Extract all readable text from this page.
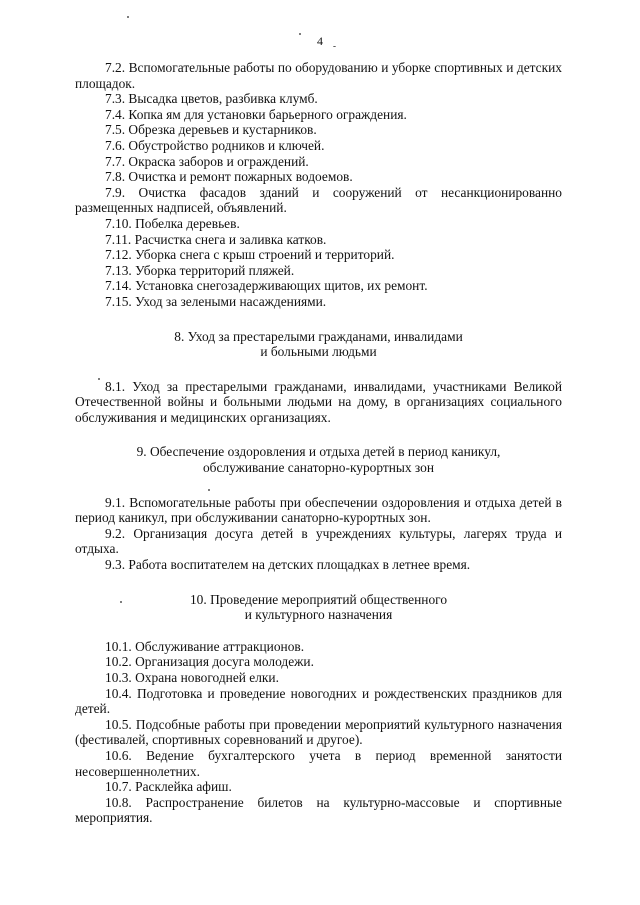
4

7.2. Вспомогательные работы по оборудованию и уборке спортивных и детских площадок.

7.3. Высадка цветов, разбивка клумб.

7.4. Копка ям для установки барьерного ограждения.

7.5. Обрезка деревьев и кустарников.

7.6. Обустройство родников и ключей.

7.7. Окраска заборов и ограждений.

7.8. Очистка и ремонт пожарных водоемов.

7.9. Очистка фасадов зданий и сооружений от несанкционированно размещенных надписей, объявлений.

7.10. Побелка деревьев.

7.11. Расчистка снега и заливка катков.

7.12. Уборка снега с крыш строений и территорий.

7.13. Уборка территорий пляжей.

7.14. Установка снегозадерживающих щитов, их ремонт.

7.15. Уход за зелеными насаждениями.

8. Уход за престарелыми гражданами, инвалидами

и больными людьми

8.1. Уход за престарелыми гражданами, инвалидами, участниками Великой Отечественной войны и больными людьми на дому, в организациях социального обслуживания и медицинских организациях.

9. Обеспечение оздоровления и отдыха детей в период каникул,

обслуживание санаторно-курортных зон

9.1. Вспомогательные работы при обеспечении оздоровления и отдыха детей в период каникул, при обслуживании санаторно-курортных зон.

9.2. Организация досуга детей в учреждениях культуры, лагерях труда и отдыха.

9.3. Работа воспитателем на детских площадках в летнее время.

10. Проведение мероприятий общественного

и культурного назначения

10.1. Обслуживание аттракционов.

10.2. Организация досуга молодежи.

10.3. Охрана новогодней елки.

10.4. Подготовка и проведение новогодних и рождественских праздников для детей.

10.5. Подсобные работы при проведении мероприятий культурного назначения (фестивалей, спортивных соревнований и другое).

10.6. Ведение бухгалтерского учета в период временной занятости несовершеннолетних.

10.7. Расклейка афиш.

10.8. Распространение билетов на культурно-массовые и спортивные мероприятия.
